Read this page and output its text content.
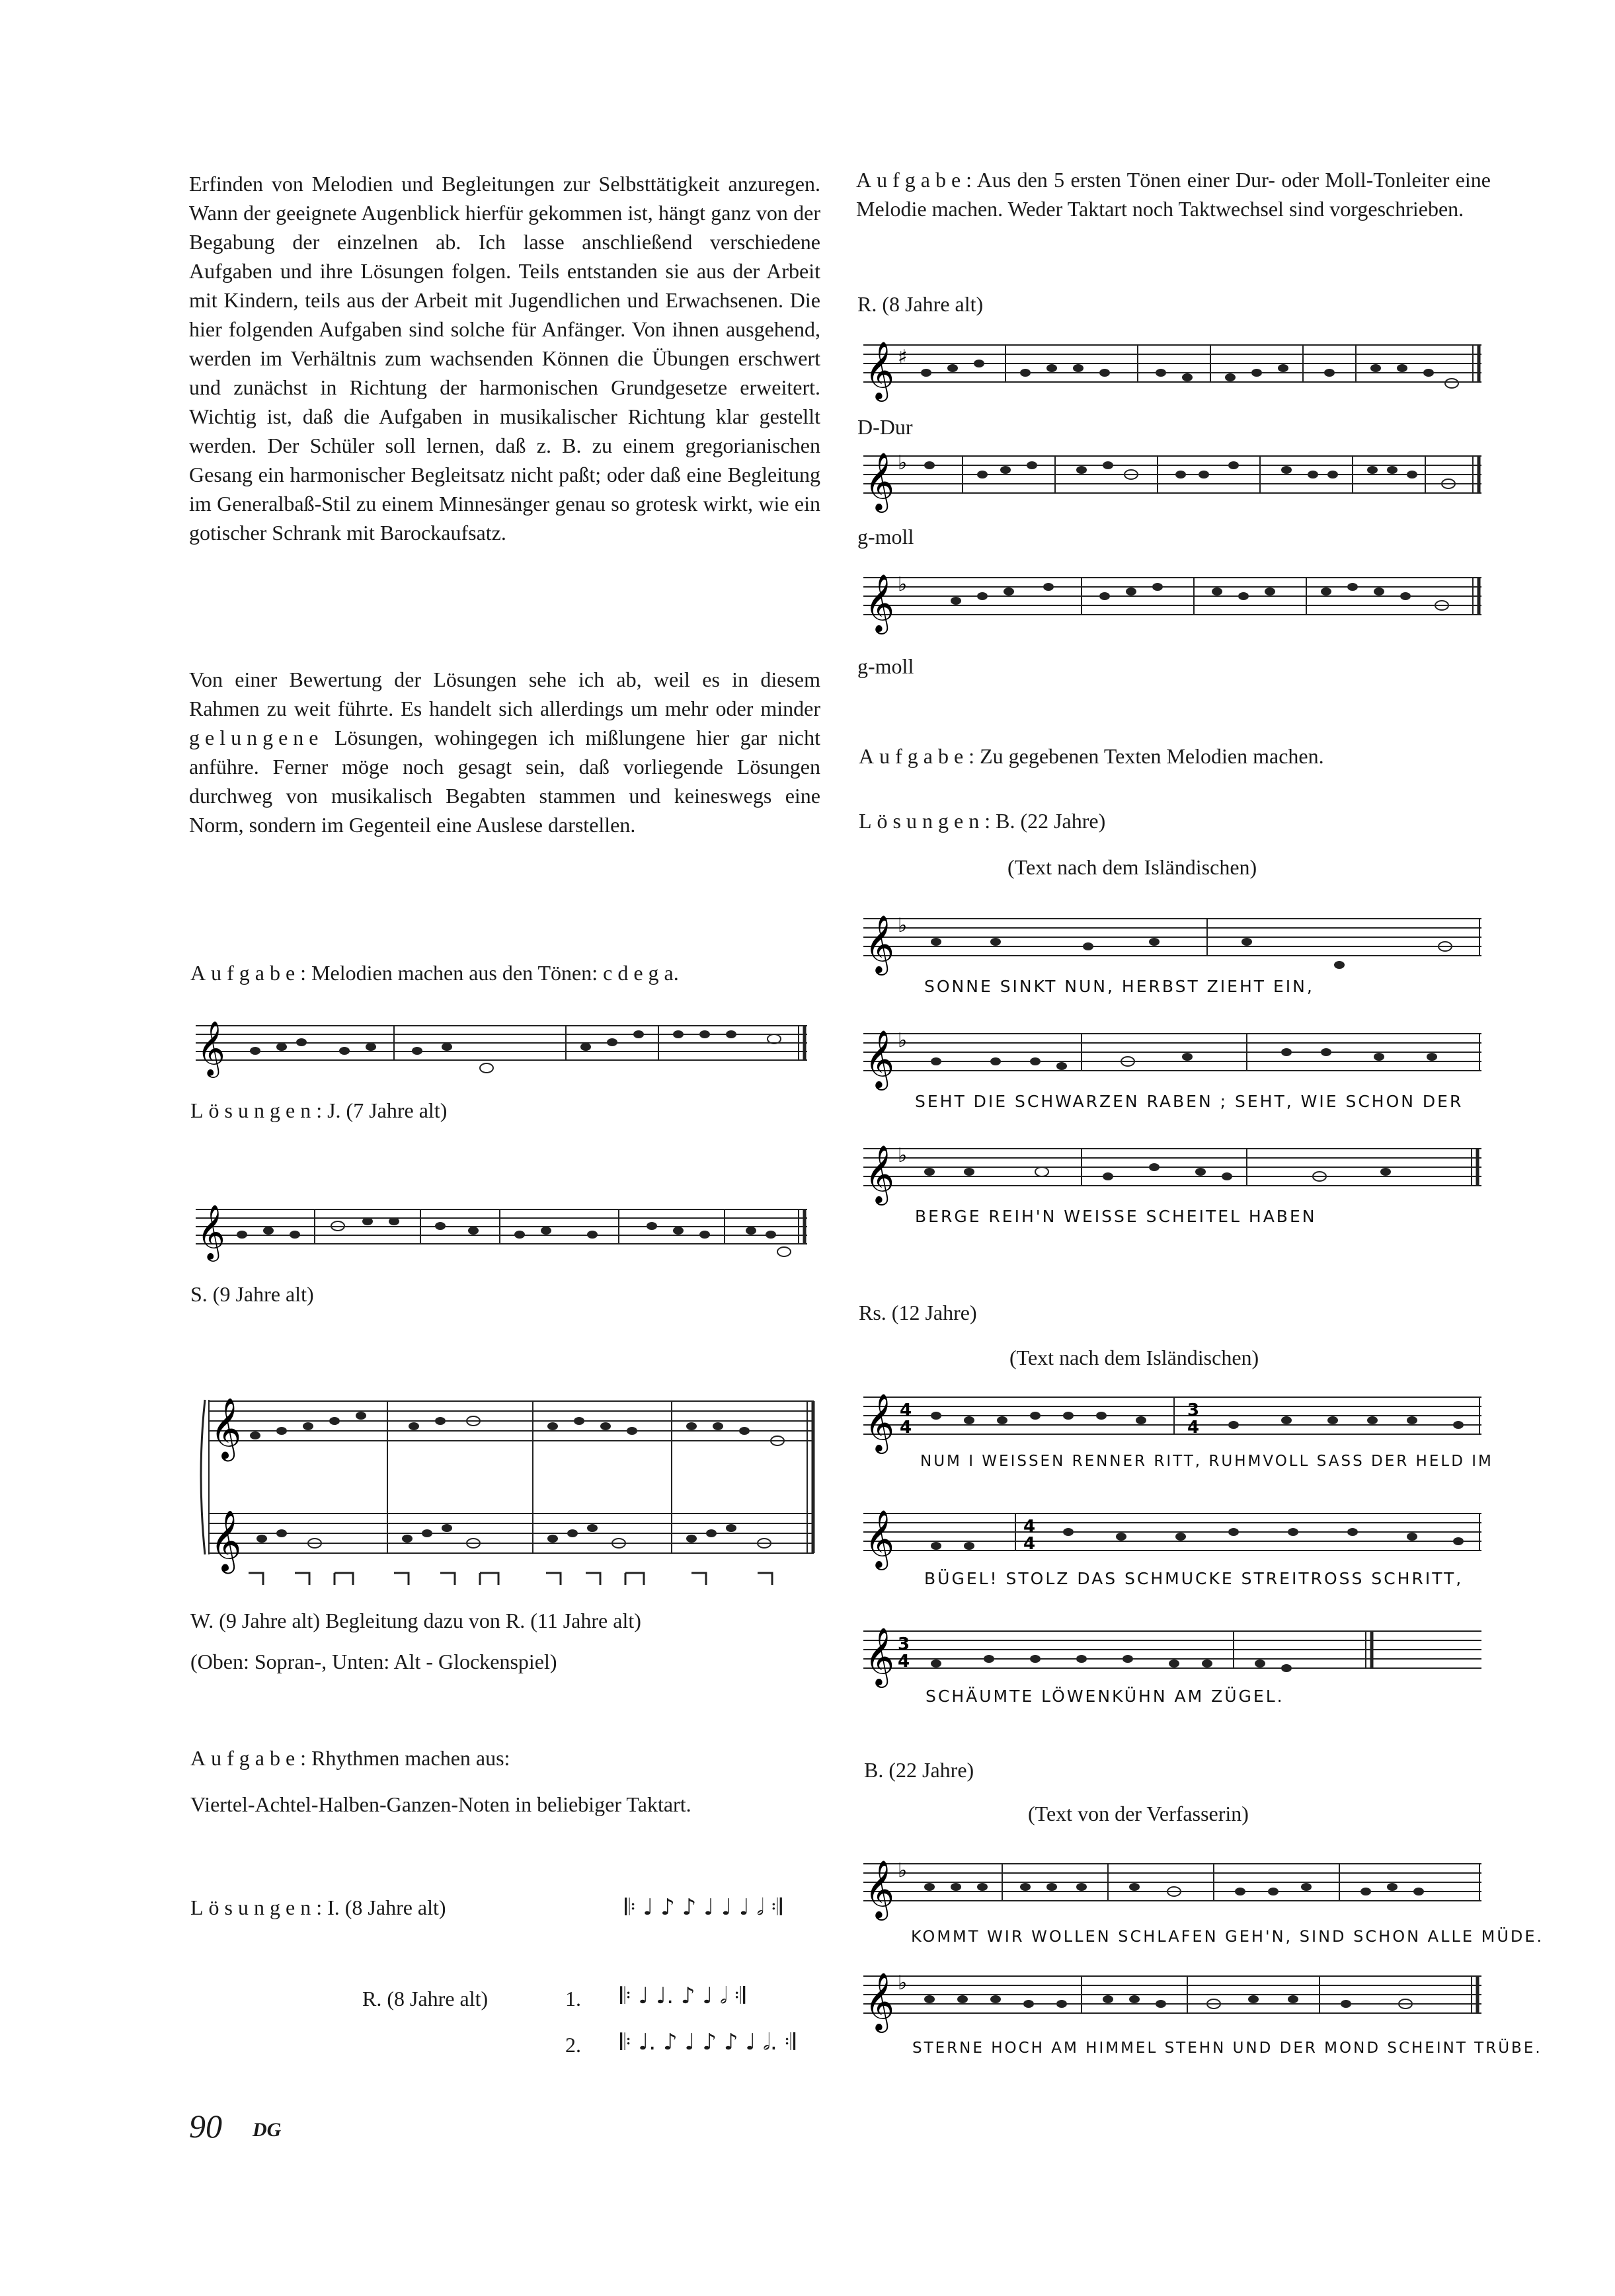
Erfinden von Melodien und Begleitungen zur Selbsttätigkeit anzuregen. Wann der geeignete Augenblick hierfür gekommen ist, hängt ganz von der Begabung der einzelnen ab. Ich lasse anschließend verschiedene Aufgaben und ihre Lösungen folgen. Teils entstanden sie aus der Arbeit mit Kindern, teils aus der Arbeit mit Jugendlichen und Erwachsenen. Die hier folgenden Aufgaben sind solche für Anfänger. Von ihnen ausgehend, werden im Verhältnis zum wachsenden Können die Übungen erschwert und zunächst in Richtung der harmonischen Grundgesetze erweitert. Wichtig ist, daß die Aufgaben in musikalischer Richtung klar gestellt werden. Der Schüler soll lernen, daß z. B. zu einem gregorianischen Gesang ein harmonischer Begleitsatz nicht paßt; oder daß eine Begleitung im Generalbaß-Stil zu einem Minnesänger genau so grotesk wirkt, wie ein gotischer Schrank mit Barockaufsatz.
Von einer Bewertung der Lösungen sehe ich ab, weil es in diesem Rahmen zu weit führte. Es handelt sich allerdings um mehr oder minder gelungene Lösungen, wohingegen ich mißlungene hier gar nicht anführe. Ferner möge noch gesagt sein, daß vorliegende Lösungen durchweg von musikalisch Begabten stammen und keineswegs eine Norm, sondern im Gegenteil eine Auslese darstellen.
Aufgabe: Melodien machen aus den Tönen: c d e g a.
𝄞
Lösungen: J. (7 Jahre alt)
𝄞
S. (9 Jahre alt)
𝄞
𝄞
W. (9 Jahre alt) Begleitung dazu von R. (11 Jahre alt)
(Oben: Sopran-, Unten: Alt - Glockenspiel)
Aufgabe: Rhythmen machen aus:
Viertel-Achtel-Halben-Ganzen-Noten in beliebiger Taktart.
Lösungen: I. (8 Jahre alt)	𝄆 ♩ ♪ ♪ ♩ ♩ ♩ 𝅗𝅥 𝄇
R. (8 Jahre alt)	1. 𝄆 ♩ ♩. ♪ ♩ 𝅗𝅥 𝄇
2. 𝄆 ♩. ♪ ♩ ♪ ♪ ♩ 𝅗𝅥. 𝄇
90 DG
Aufgabe: Aus den 5 ersten Tönen einer Dur- oder Moll-Tonleiter eine Melodie machen. Weder Taktart noch Taktwechsel sind vorgeschrieben.
R. (8 Jahre alt)
𝄞 ♯
D-Dur
𝄞 ♭
g-moll
𝄞 ♭
g-moll
Aufgabe: Zu gegebenen Texten Melodien machen.
Lösungen: B. (22 Jahre)
(Text nach dem Isländischen)
𝄞 ♭
SONNE SINKT NUN, HERBST ZIEHT EIN,
𝄞 ♭
SEHT DIE SCHWARZEN RABEN ; SEHT, WIE SCHON DER
𝄞 ♭
BERGE REIH'N WEISSE SCHEITEL HABEN
Rs. (12 Jahre)
(Text nach dem Isländischen)
𝄞 4
4
3
4
NUM I WEISSEN RENNER RITT, RUHMVOLL SASS DER HELD IM
𝄞	4
4
BÜGEL! STOLZ DAS SCHMUCKE STREITROSS SCHRITT,
𝄞 3
4
SCHÄUMTE LÖWENKÜHN AM ZÜGEL.
B. (22 Jahre)
(Text von der Verfasserin)
𝄞 ♭
KOMMT WIR WOLLEN SCHLAFEN GEH'N, SIND SCHON ALLE MÜDE.
𝄞 ♭
STERNE HOCH AM HIMMEL STEHN UND DER MOND SCHEINT TRÜBE.
